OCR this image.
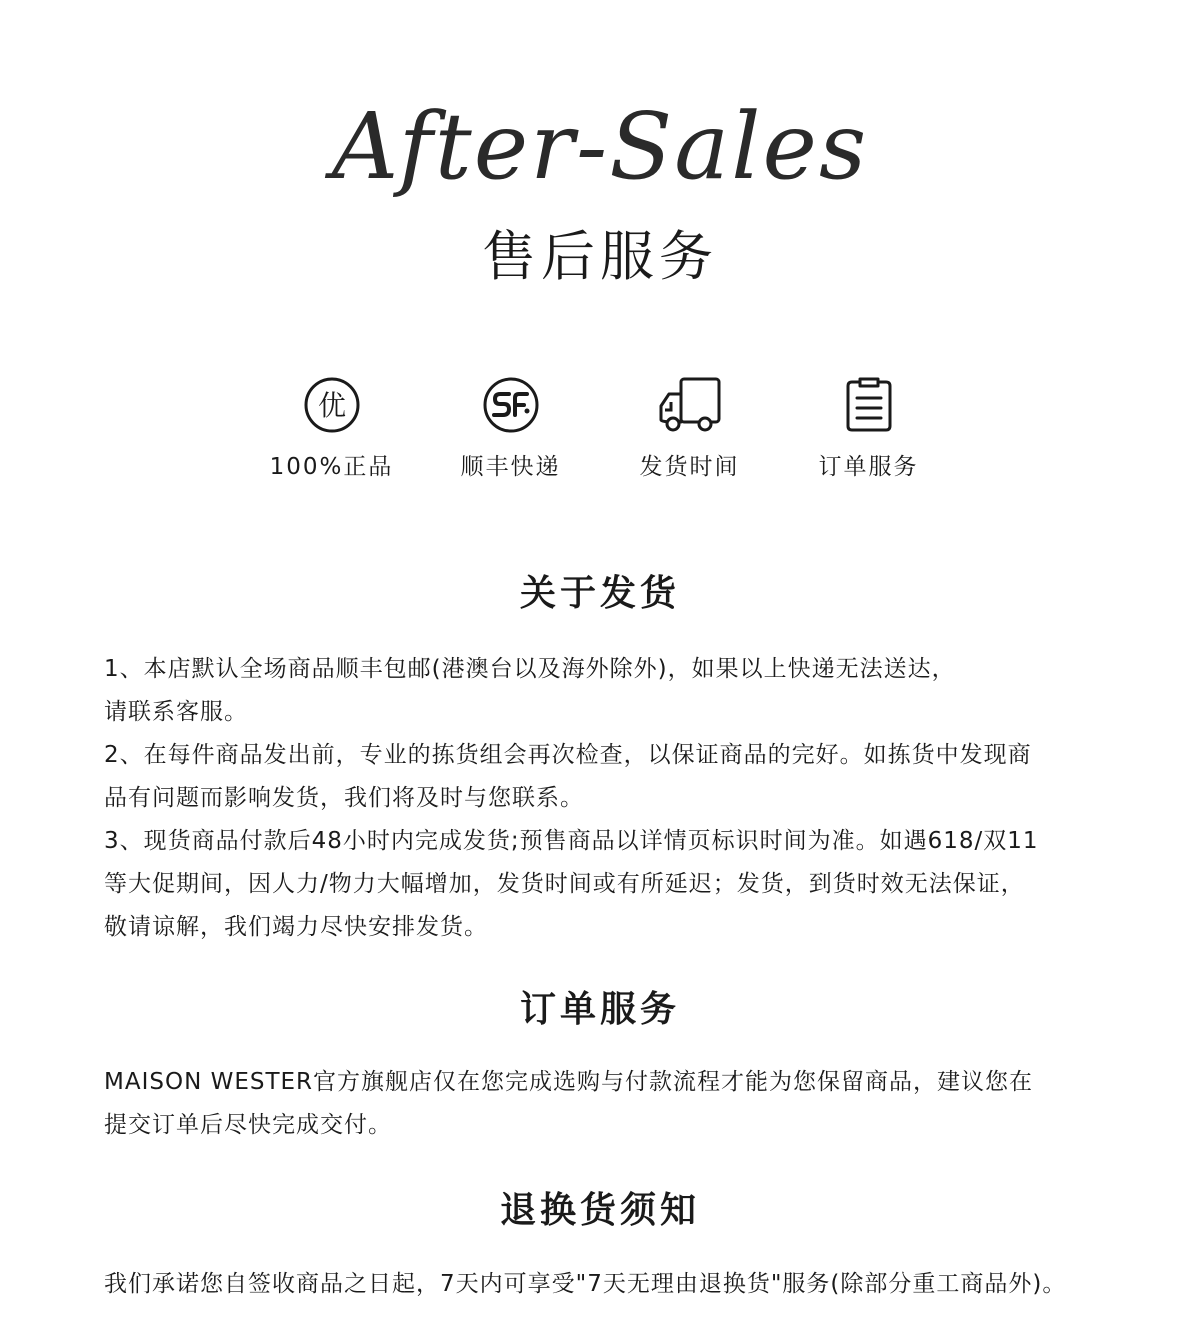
After-Sales
售后服务
优
100%正品	顺丰快递	发货时间	订单服务
关于发货

1、本店默认全场商品顺丰包邮(港澳台以及海外除外)，如果以上快递无法送达，

请联系客服。

2、在每件商品发出前，专业的拣货组会再次检查，以保证商品的完好。如拣货中发现商

品有问题而影响发货，我们将及时与您联系。

3、现货商品付款后48小时内完成发货;预售商品以详情页标识时间为准。如遇618/双11

等大促期间，因人力/物力大幅增加，发货时间或有所延迟；发货，到货时效无法保证，

敬请谅解，我们竭力尽快安排发货。

订单服务

MAISON WESTER官方旗舰店仅在您完成选购与付款流程才能为您保留商品，建议您在

提交订单后尽快完成交付。

退换货须知

我们承诺您自签收商品之日起，7天内可享受"7天无理由退换货"服务(除部分重工商品外)。
